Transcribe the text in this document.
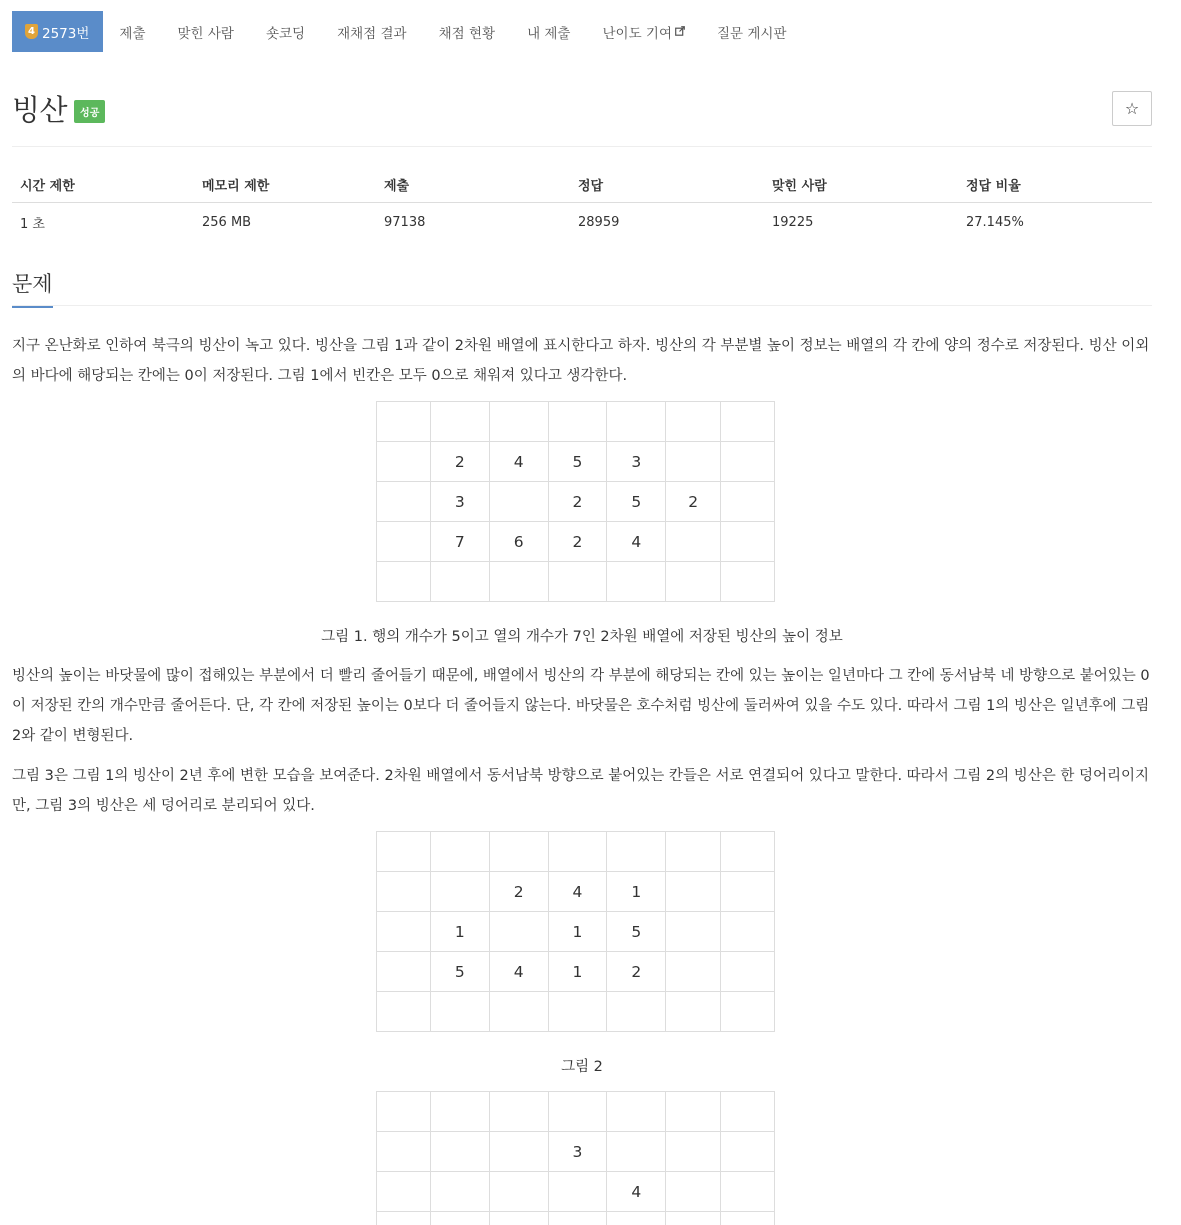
4 2573번	제출	맞힌 사람	숏코딩	재채점 결과	채점 현황	내 제출	난이도 기여	질문 게시판
빙산	성공	☆
시간 제한	메모리 제한	제출	정답	맞힌 사람	정답 비율
1 초	256 MB	97138	28959	19225	27.145%
문제

지구 온난화로 인하여 북극의 빙산이 녹고 있다. 빙산을 그림 1과 같이 2차원 배열에 표시한다고 하자. 빙산의 각 부분별 높이 정보는 배열의 각 칸에 양의 정수로 저장된다. 빙산 이외의 바다에 해당되는 칸에는 0이 저장된다. 그림 1에서 빈칸은 모두 0으로 채워져 있다고 생각한다.

	2	4	5	3		
	3		2	5	2	
	7	6	2	4		

그림 1. 행의 개수가 5이고 열의 개수가 7인 2차원 배열에 저장된 빙산의 높이 정보

빙산의 높이는 바닷물에 많이 접해있는 부분에서 더 빨리 줄어들기 때문에, 배열에서 빙산의 각 부분에 해당되는 칸에 있는 높이는 일년마다 그 칸에 동서남북 네 방향으로 붙어있는 0이 저장된 칸의 개수만큼 줄어든다. 단, 각 칸에 저장된 높이는 0보다 더 줄어들지 않는다. 바닷물은 호수처럼 빙산에 둘러싸여 있을 수도 있다. 따라서 그림 1의 빙산은 일년후에 그림 2와 같이 변형된다.

그림 3은 그림 1의 빙산이 2년 후에 변한 모습을 보여준다. 2차원 배열에서 동서남북 방향으로 붙어있는 칸들은 서로 연결되어 있다고 말한다. 따라서 그림 2의 빙산은 한 덩어리이지만, 그림 3의 빙산은 세 덩어리로 분리되어 있다.

		2	4	1		
	1		1	5		
	5	4	1	2		

그림 2

			3			
				4		
